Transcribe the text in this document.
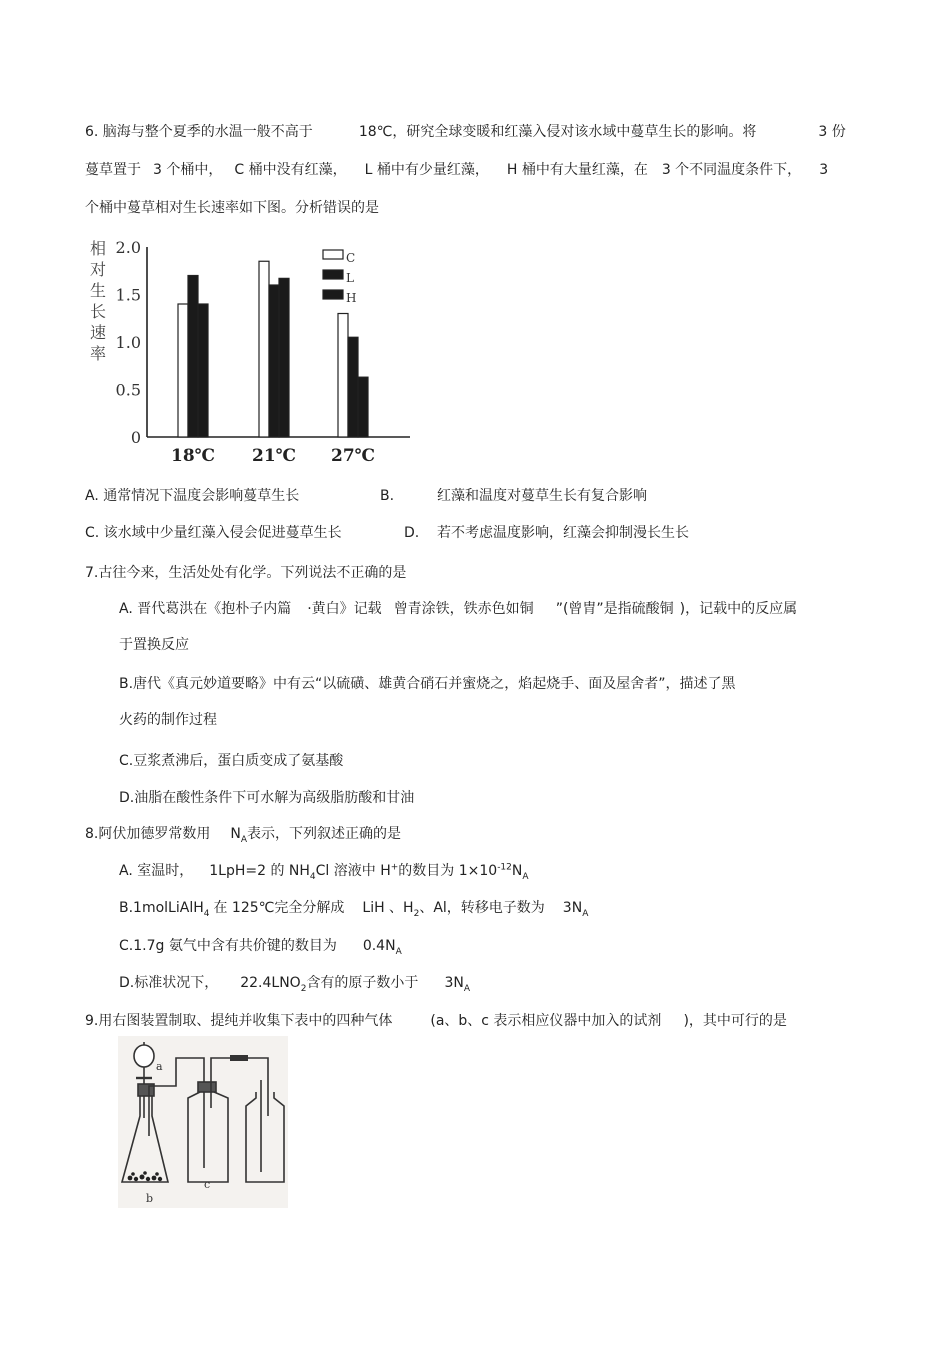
6. 脑海与整个夏季的水温一般不高于	18℃，研究全球变暖和红藻入侵对该水域中蔓草生长的影响。将	3 份
蔓草置于 3 个桶中， C 桶中没有红藻， L 桶中有少量红藻， H 桶中有大量红藻，在 3 个不同温度条件下， 3
个桶中蔓草相对生长速率如下图。分析错误的是
相
对
生
长
速
率
0
0.5
1.0
1.5
2.0
18℃ 21℃ 27℃
C
L
H
A. 通常情况下温度会影响蔓草生长	B.	红藻和温度对蔓草生长有复合影响
C. 该水域中少量红藻入侵会促进蔓草生长	D. 若不考虑温度影响，红藻会抑制漫长生长
7.古往今来，生活处处有化学。下列说法不正确的是
A. 晋代葛洪在《抱朴子内篇 ·黄白》记载 曾青涂铁，铁赤色如铜 ”(曾胄”是指硫酸铜 )，记载中的反应属
于置换反应
B.唐代《真元妙道要略》中有云“以硫磺、雄黄合硝石并蜜烧之，焰起烧手、面及屋舍者”，描述了黑
火药的制作过程
C.豆浆煮沸后，蛋白质变成了氨基酸
D.油脂在酸性条件下可水解为高级脂肪酸和甘油
8.阿伏加德罗常数用 $N_A$表示，下列叙述正确的是
A. 室温时， 1LpH=2 的 $NH_4Cl$ 溶液中 H+的数目为 $1\times 10^{-12}N_A$
B.1molLiAlH$_4$ 在 125℃完全分解成 LiH 、$H_2$、Al，转移电子数为 $3N_A$
C.1.7g 氨气中含有共价键的数目为 $0.4N_A$
D.标准状况下， $22.4LNO_2$含有的原子数小于 $3N_A$
9.用右图装置制取、提纯并收集下表中的四种气体	(a、b、c 表示相应仪器中加入的试剂 )，其中可行的是
a
b
c
